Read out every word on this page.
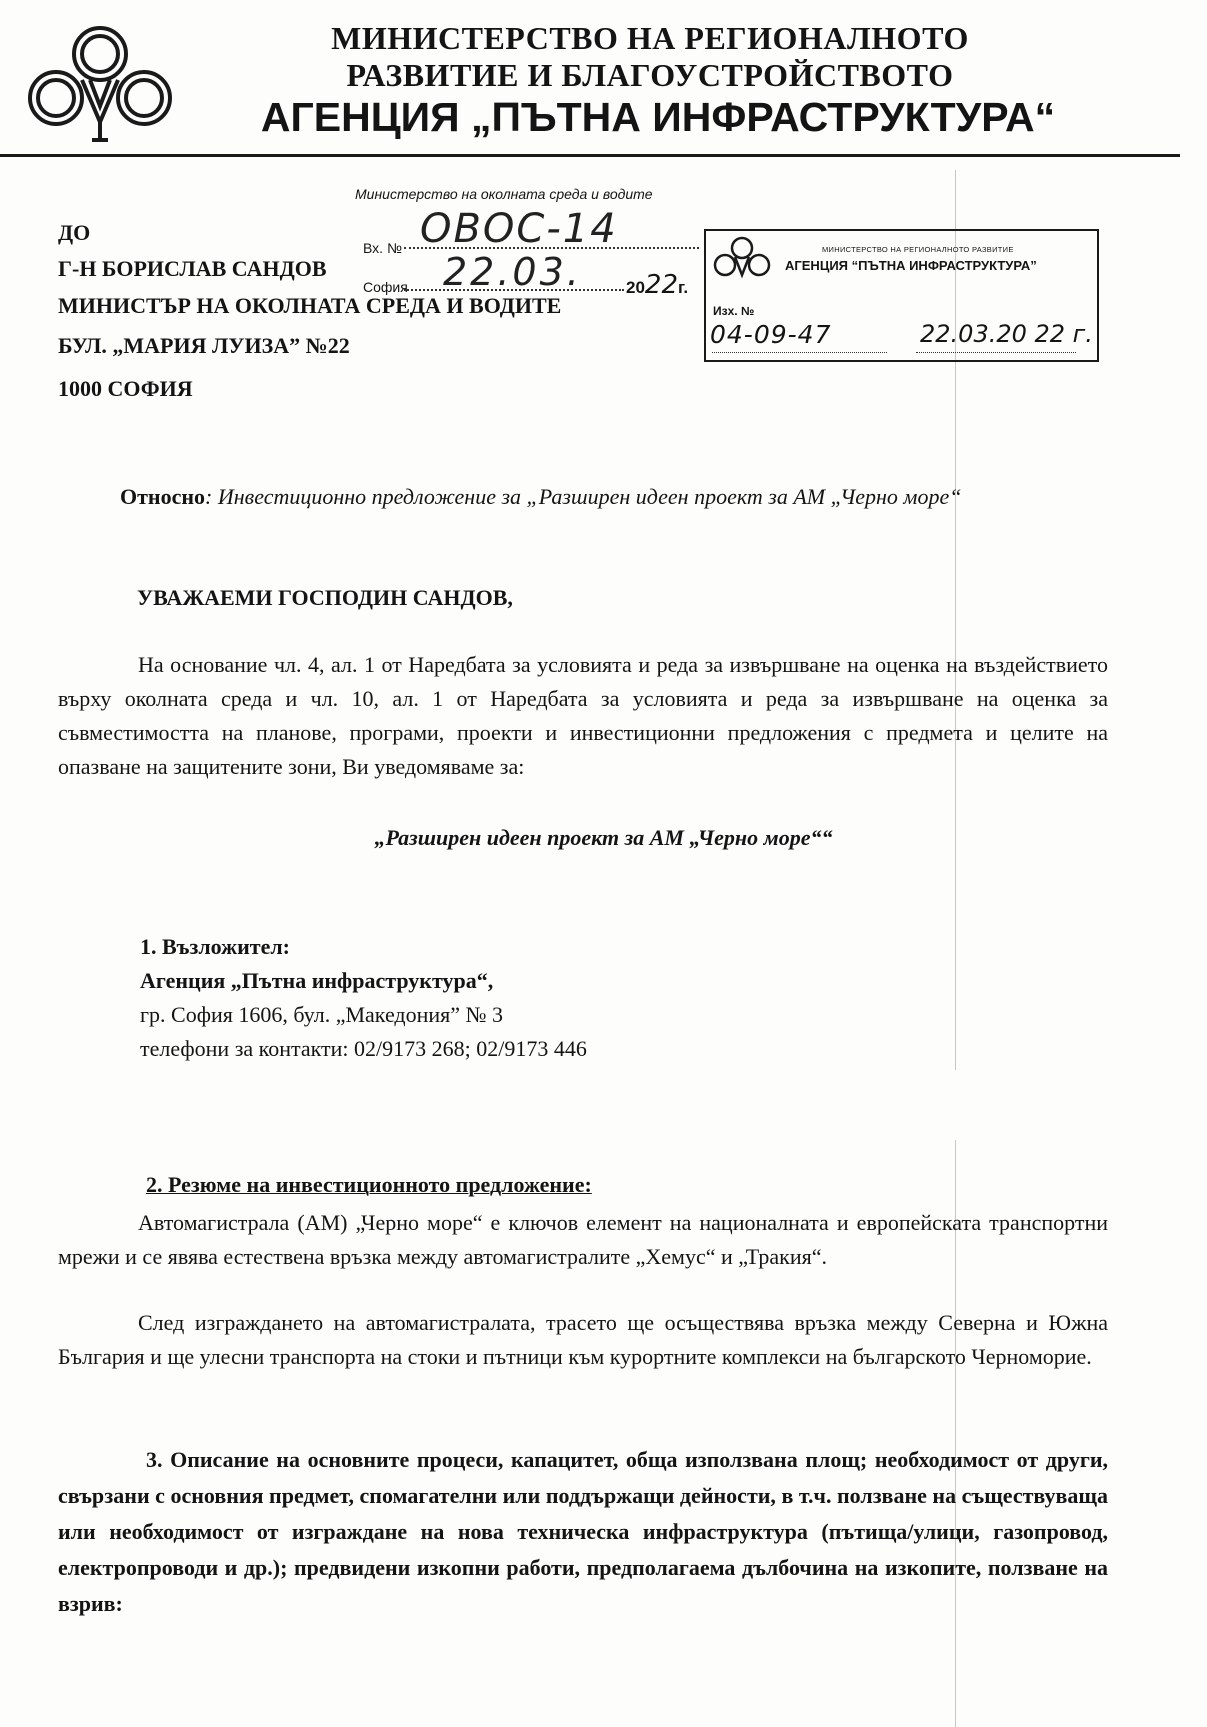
МИНИСТЕРСТВО НА РЕГИОНАЛНОТО
РАЗВИТИЕ И БЛАГОУСТРОЙСТВОТО
АГЕНЦИЯ „ПЪТНА ИНФРАСТРУКТУРА“
ДО
Г-Н БОРИСЛАВ САНДОВ
МИНИСТЪР НА ОКОЛНАТА СРЕДА И ВОДИТЕ
БУЛ. „МАРИЯ ЛУИЗА” №22
1000 СОФИЯ
Министерство на околната среда и водите
Вх. № ОВОС-14
София 22.03.	2022г.
МИНИСТЕРСТВО НА РЕГИОНАЛНОТО РАЗВИТИЕ
АГЕНЦИЯ “ПЪТНА ИНФРАСТРУКТУРА”
Изх. №
04-09-47	22.03.20 22 г.
Относно: Инвестиционно предложение за „Разширен идеен проект за АМ „Черно море“
УВАЖАЕМИ ГОСПОДИН САНДОВ,
На основание чл. 4, ал. 1 от Наредбата за условията и реда за извършване на оценка на въздействието върху околната среда и чл. 10, ал. 1 от Наредбата за условията и реда за извършване на оценка за съвместимостта на планове, програми, проекти и инвестиционни предложения с предмета и целите на опазване на защитените зони, Ви уведомяваме за:
„Разширен идеен проект за АМ „Черно море““
1. Възложител:
Агенция „Пътна инфраструктура“,
гр. София 1606, бул. „Македония” № 3
телефони за контакти: 02/9173 268; 02/9173 446
2. Резюме на инвестиционното предложение:
Автомагистрала (АМ) „Черно море“ е ключов елемент на националната и европейската транспортни мрежи и се явява естествена връзка между автомагистралите „Хемус“ и „Тракия“.
След изграждането на автомагистралата, трасето ще осъществява връзка между Северна и Южна България и ще улесни транспорта на стоки и пътници към курортните комплекси на българското Черноморие.
3. Описание на основните процеси, капацитет, обща използвана площ; необходимост от други, свързани с основния предмет, спомагателни или поддържащи дейности, в т.ч. ползване на съществуваща или необходимост от изграждане на нова техническа инфраструктура (пътища/улици, газопровод, електропроводи и др.); предвидени изкопни работи, предполагаема дълбочина на изкопите, ползване на взрив:
